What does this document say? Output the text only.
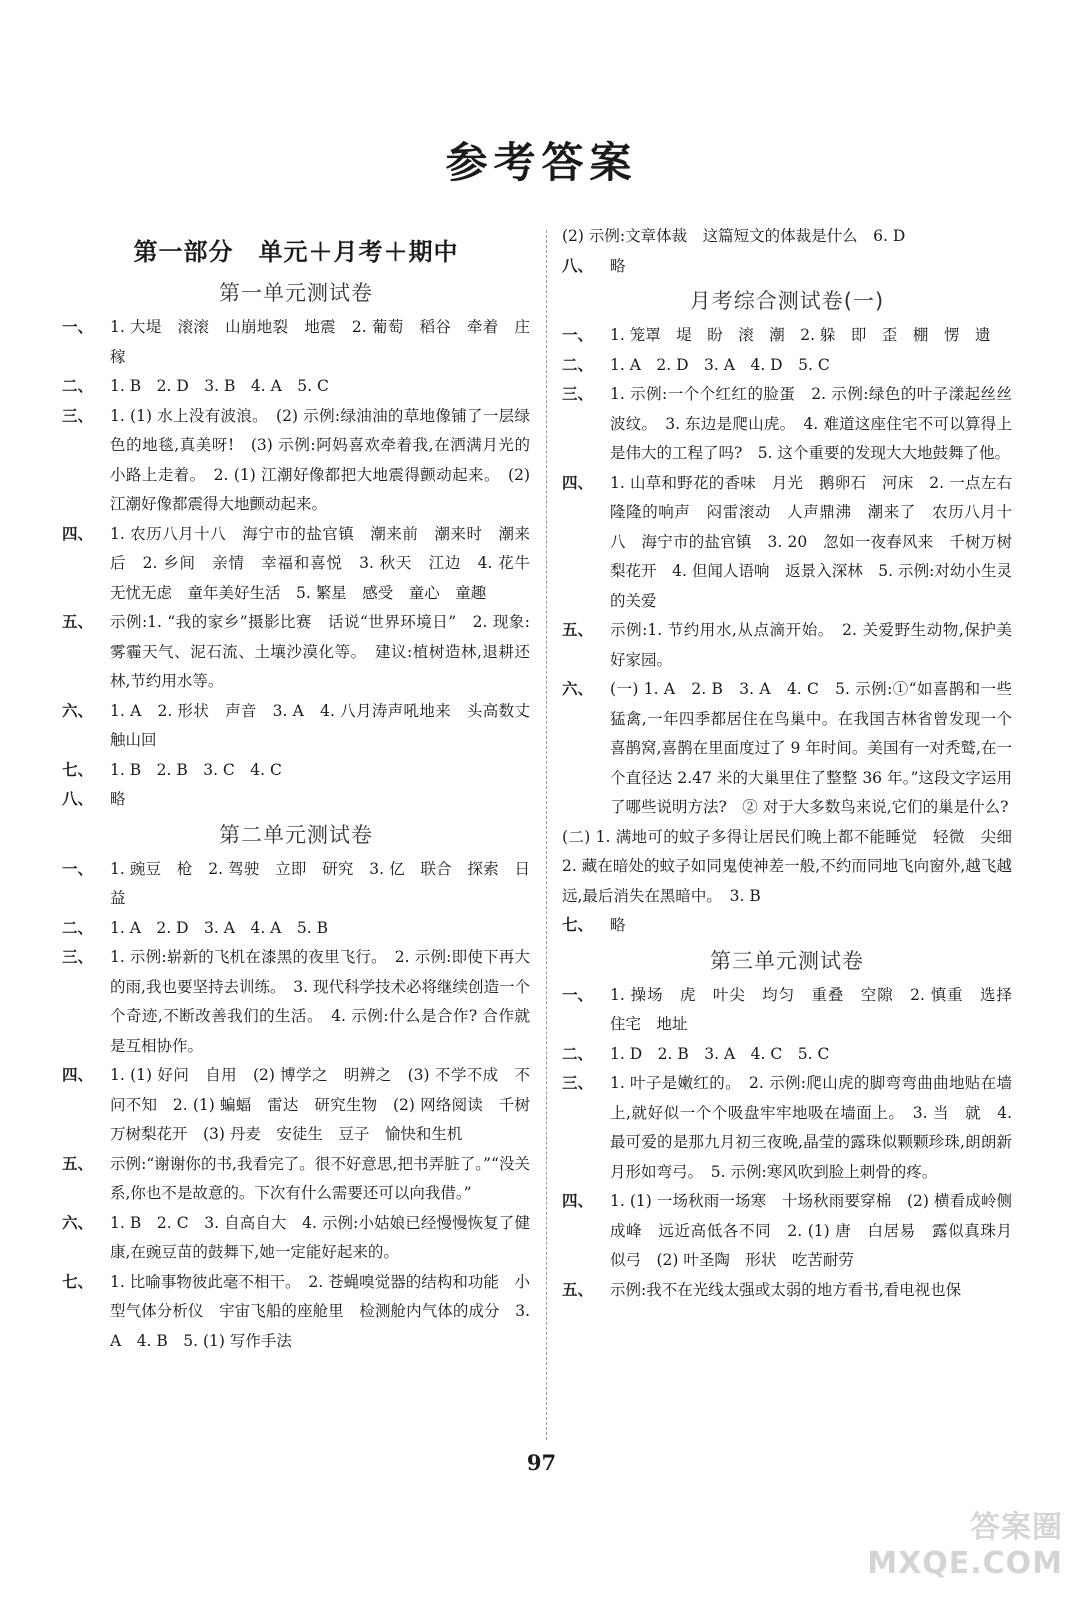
参考答案
第一部分　单元＋月考＋期中
第一单元测试卷
一、 1. 大堤　滚滚　山崩地裂　地震　2. 葡萄　稻谷　牵着　庄稼
二、 1. B　2. D　3. B　4. A　5. C
三、 1. (1) 水上没有波浪。　(2) 示例:绿油油的草地像铺了一层绿色的地毯,真美呀!　(3) 示例:阿妈喜欢牵着我,在洒满月光的小路上走着。　2. (1) 江潮好像都把大地震得颤动起来。　(2) 江潮好像都震得大地颤动起来。
四、 1. 农历八月十八　海宁市的盐官镇　潮来前　潮来时　潮来后　2. 乡间　亲情　幸福和喜悦　3. 秋天　江边　4. 花牛　无忧无虑　童年美好生活　5. 繁星　感受　童心　童趣
五、 示例:1. “我的家乡”摄影比赛　话说“世界环境日”　2. 现象:雾霾天气、泥石流、土壤沙漠化等。　建议:植树造林,退耕还林,节约用水等。
六、 1. A　2. 形状　声音　3. A　4. 八月涛声吼地来　头高数丈触山回
七、 1. B　2. B　3. C　4. C
八、 略
第二单元测试卷
一、 1. 豌豆　枪　2. 驾驶　立即　研究　3. 亿　联合　探索　日益
二、 1. A　2. D　3. A　4. A　5. B
三、 1. 示例:崭新的飞机在漆黑的夜里飞行。　2. 示例:即使下再大的雨,我也要坚持去训练。　3. 现代科学技术必将继续创造一个个奇迹,不断改善我们的生活。　4. 示例:什么是合作? 合作就是互相协作。
四、 1. (1) 好问　自用　(2) 博学之　明辨之　(3) 不学不成　不问不知　2. (1) 蝙蝠　雷达　研究生物　(2) 网络阅读　千树万树梨花开　(3) 丹麦　安徒生　豆子　愉快和生机
五、 示例:“谢谢你的书,我看完了。很不好意思,把书弄脏了。”“没关系,你也不是故意的。下次有什么需要还可以向我借。”
六、 1. B　2. C　3. 自高自大　4. 示例:小姑娘已经慢慢恢复了健康,在豌豆苗的鼓舞下,她一定能好起来的。
七、 1. 比喻事物彼此毫不相干。　2. 苍蝇嗅觉器的结构和功能　小型气体分析仪　宇宙飞船的座舱里　检测舱内气体的成分　3. A　4. B　5. (1) 写作手法
(2) 示例:文章体裁　这篇短文的体裁是什么　6. D
八、 略
月考综合测试卷(一)
一、 1. 笼罩　堤　盼　滚　潮　2. 躲　即　歪　棚　愣　遗
二、 1. A　2. D　3. A　4. D　5. C
三、 1. 示例:一个个红红的脸蛋　2. 示例:绿色的叶子漾起丝丝波纹。　3. 东边是爬山虎。　4. 难道这座住宅不可以算得上是伟大的工程了吗?　5. 这个重要的发现大大地鼓舞了他。
四、 1. 山草和野花的香味　月光　鹅卵石　河床　2. 一点左右　隆隆的响声　闷雷滚动　人声鼎沸　潮来了　农历八月十八　海宁市的盐官镇　3. 20　忽如一夜春风来　千树万树梨花开　4. 但闻人语响　返景入深林　5. 示例:对幼小生灵的关爱
五、 示例:1. 节约用水,从点滴开始。　2. 关爱野生动物,保护美好家园。
六、 (一) 1. A　2. B　3. A　4. C　5. 示例:①“如喜鹊和一些猛禽,一年四季都居住在鸟巢中。在我国吉林省曾发现一个喜鹊窝,喜鹊在里面度过了 9 年时间。美国有一对秃鹫,在一个直径达 2.47 米的大巢里住了整整 36 年。”这段文字运用了哪些说明方法?　② 对于大多数鸟来说,它们的巢是什么?
(二) 1. 满地可的蚊子多得让居民们晚上都不能睡觉　轻微　尖细　2. 藏在暗处的蚊子如同鬼使神差一般,不约而同地飞向窗外,越飞越远,最后消失在黑暗中。　3. B
七、 略
第三单元测试卷
一、 1. 操场　虎　叶尖　均匀　重叠　空隙　2. 慎重　选择　住宅　地址
二、 1. D　2. B　3. A　4. C　5. C
三、 1. 叶子是嫩红的。　2. 示例:爬山虎的脚弯弯曲曲地贴在墙上,就好似一个个吸盘牢牢地吸在墙面上。　3. 当　就　4. 最可爱的是那九月初三夜晚,晶莹的露珠似颗颗珍珠,朗朗新月形如弯弓。　5. 示例:寒风吹到脸上刺骨的疼。
四、 1. (1) 一场秋雨一场寒　十场秋雨要穿棉　(2) 横看成岭侧成峰　远近高低各不同　2. (1) 唐　白居易　露似真珠月似弓　(2) 叶圣陶　形状　吃苦耐劳
五、 示例:我不在光线太强或太弱的地方看书,看电视也保
97
答案圈
MXQE.COM
